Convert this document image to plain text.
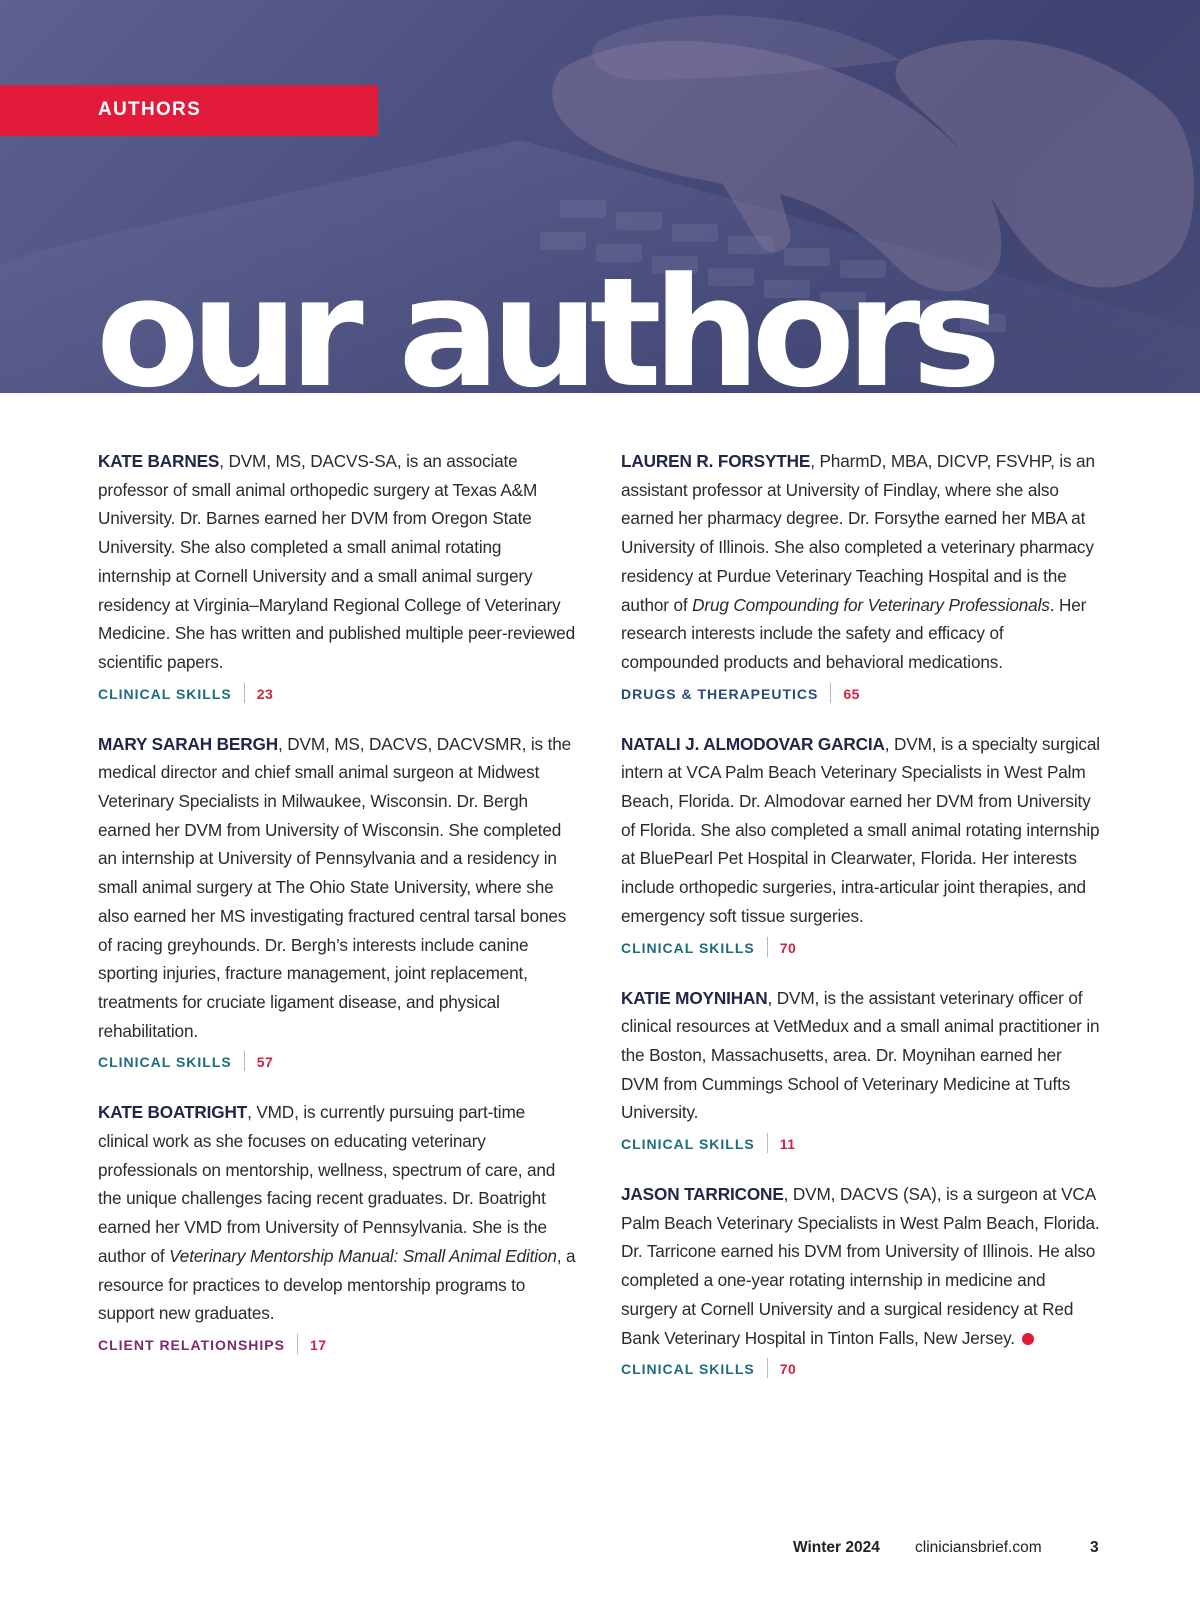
AUTHORS
our authors

KATE BARNES, DVM, MS, DACVS-SA, is an associate professor of small animal orthopedic surgery at Texas A&M University. Dr. Barnes earned her DVM from Oregon State University. She also completed a small animal rotating internship at Cornell University and a small animal surgery residency at Virginia–Maryland Regional College of Veterinary Medicine. She has written and published multiple peer-reviewed scientific papers.

CLINICAL SKILLS 23

MARY SARAH BERGH, DVM, MS, DACVS, DACVSMR, is the medical director and chief small animal surgeon at Midwest Veterinary Specialists in Milwaukee, Wisconsin. Dr. Bergh earned her DVM from University of Wisconsin. She completed an internship at University of Pennsylvania and a residency in small animal surgery at The Ohio State University, where she also earned her MS investigating fractured central tarsal bones of racing greyhounds. Dr. Bergh’s interests include canine sporting injuries, fracture management, joint replacement, treatments for cruciate ligament disease, and physical rehabilitation.

CLINICAL SKILLS 57

KATE BOATRIGHT, VMD, is currently pursuing part-time clinical work as she focuses on educating veterinary professionals on mentorship, wellness, spectrum of care, and the unique challenges facing recent graduates. Dr. Boatright earned her VMD from University of Pennsylvania. She is the author of Veterinary Mentorship Manual: Small Animal Edition, a resource for practices to develop mentorship programs to support new graduates.

CLIENT RELATIONSHIPS 17

LAUREN R. FORSYTHE, PharmD, MBA, DICVP, FSVHP, is an assistant professor at University of Findlay, where she also earned her pharmacy degree. Dr. Forsythe earned her MBA at University of Illinois. She also completed a veterinary pharmacy residency at Purdue Veterinary Teaching Hospital and is the author of Drug Compounding for Veterinary Professionals. Her research interests include the safety and efficacy of compounded products and behavioral medications.

DRUGS & THERAPEUTICS 65

NATALI J. ALMODOVAR GARCIA, DVM, is a specialty surgical intern at VCA Palm Beach Veterinary Specialists in West Palm Beach, Florida. Dr. Almodovar earned her DVM from University of Florida. She also completed a small animal rotating internship at BluePearl Pet Hospital in Clearwater, Florida. Her interests include orthopedic surgeries, intra-articular joint therapies, and emergency soft tissue surgeries.

CLINICAL SKILLS 70

KATIE MOYNIHAN, DVM, is the assistant veterinary officer of clinical resources at VetMedux and a small animal practitioner in the Boston, Massachusetts, area. Dr. Moynihan earned her DVM from Cummings School of Veterinary Medicine at Tufts University.

CLINICAL SKILLS 11

JASON TARRICONE, DVM, DACVS (SA), is a surgeon at VCA Palm Beach Veterinary Specialists in West Palm Beach, Florida. Dr. Tarricone earned his DVM from University of Illinois. He also completed a one-year rotating internship in medicine and surgery at Cornell University and a surgical residency at Red Bank Veterinary Hospital in Tinton Falls, New Jersey.

CLINICAL SKILLS 70
Winter 2024 cliniciansbrief.com	3
